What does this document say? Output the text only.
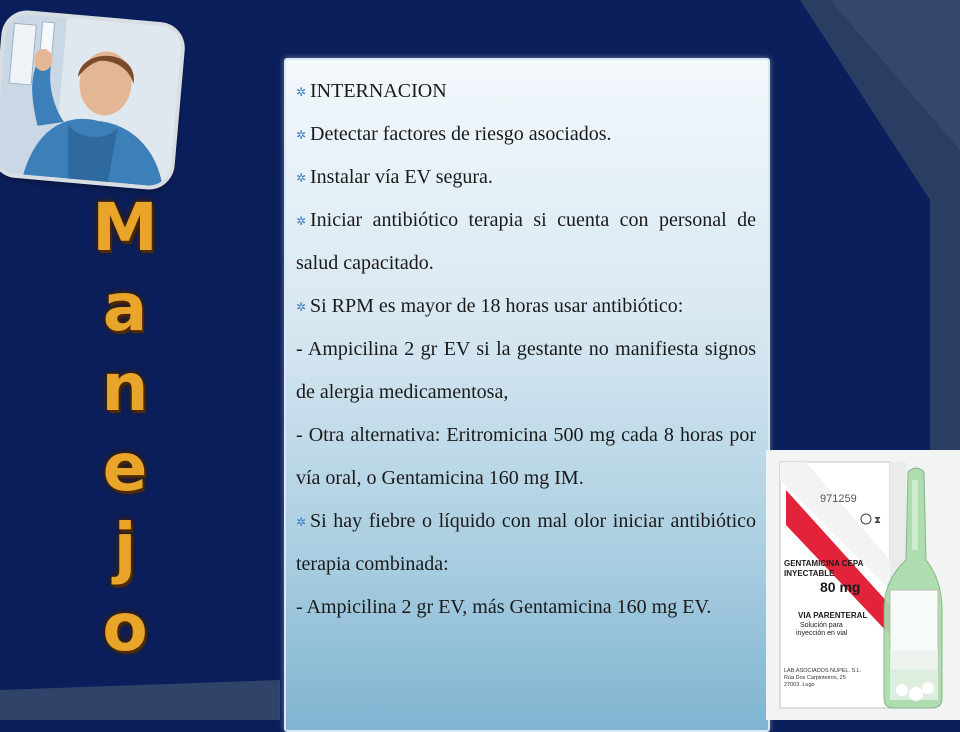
M
a
n
e
j
o

✲ INTERNACION

✲ Detectar factores de riesgo asociados.

✲ Instalar vía EV segura.

✲ Iniciar antibiótico terapia si cuenta con personal de salud capacitado.

✲ Si RPM es mayor de 18 horas usar antibiótico:

- Ampicilina 2 gr EV si la gestante no manifiesta signos de alergia medicamentosa,

- Otra alternativa: Eritromicina 500 mg cada 8 horas por vía oral, o Gentamicina 160 mg IM.

✲ Si hay fiebre o líquido con mal olor iniciar antibiótico terapia combinada:

- Ampicilina 2 gr EV, más Gentamicina 160 mg EV.

971259
⧗
GENTAMICINA CEPA
INYECTABLE
80 mg
VIA PARENTERAL
Solución para
inyección en vial
LAB.ASOCIADOS NUPEL. S.L.
Rúa Dos Carpinteiros, 25
27003. Lugo
